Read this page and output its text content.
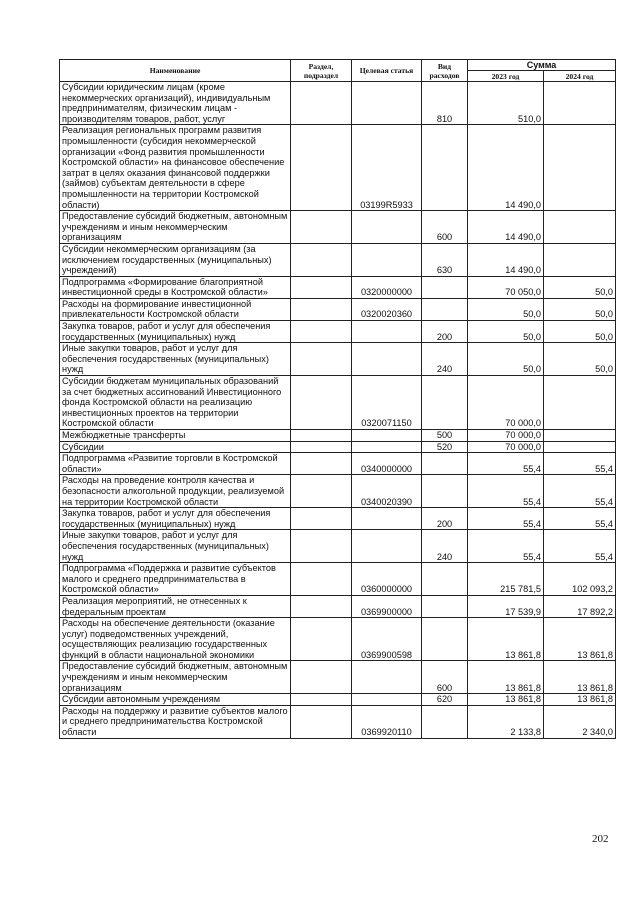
Наименование	Раздел, подраздел	Целевая статья	Вид расходов	Сумма	
				2023 год	2024 год
Субсидии юридическим лицам (кроме некоммерческих организаций), индивидуальным предпринимателям, физическим лицам - производителям товаров, работ, услуг			810	510,0	
Реализация региональных программ развития промышленности (субсидия некоммерческой организации «Фонд развития промышленности Костромской области» на финансовое обеспечение затрат в целях оказания финансовой поддержки (займов) субъектам деятельности в сфере промышленности на территории Костромской области)		03199R5933		14 490,0	
Предоставление субсидий бюджетным, автономным учреждениям и иным некоммерческим организациям			600	14 490,0	
Субсидии некоммерческим организациям (за исключением государственных (муниципальных) учреждений)			630	14 490,0	
Подпрограмма «Формирование благоприятной инвестиционной среды в Костромской области»		0320000000		70 050,0	50,0
Расходы на формирование инвестиционной привлекательности Костромской области		0320020360		50,0	50,0
Закупка товаров, работ и услуг для обеспечения государственных (муниципальных) нужд			200	50,0	50,0
Иные закупки товаров, работ и услуг для обеспечения государственных (муниципальных) нужд			240	50,0	50,0
Субсидии бюджетам муниципальных образований за счет бюджетных ассигнований Инвестиционного фонда Костромской области на реализацию инвестиционных проектов на территории Костромской области		0320071150		70 000,0	
Межбюджетные трансферты			500	70 000,0	
Субсидии			520	70 000,0	
Подпрограмма «Развитие торговли в Костромской области»		0340000000		55,4	55,4
Расходы на проведение контроля качества и безопасности алкогольной продукции, реализуемой на территории Костромской области		0340020390		55,4	55,4
Закупка товаров, работ и услуг для обеспечения государственных (муниципальных) нужд			200	55,4	55,4
Иные закупки товаров, работ и услуг для обеспечения государственных (муниципальных) нужд			240	55,4	55,4
Подпрограмма «Поддержка и развитие субъектов малого и среднего предпринимательства в Костромской области»		0360000000		215 781,5	102 093,2
Реализация мероприятий, не отнесенных к федеральным проектам		0369900000		17 539,9	17 892,2
Расходы на обеспечение деятельности (оказание услуг) подведомственных учреждений, осуществляющих реализацию государственных функций в области национальной экономики		0369900598		13 861,8	13 861,8
Предоставление субсидий бюджетным, автономным учреждениям и иным некоммерческим организациям			600	13 861,8	13 861,8
Субсидии автономным учреждениям			620	13 861,8	13 861,8
Расходы на поддержку и развитие субъектов малого и среднего предпринимательства Костромской области		0369920110		2 133,8	2 340,0
202
